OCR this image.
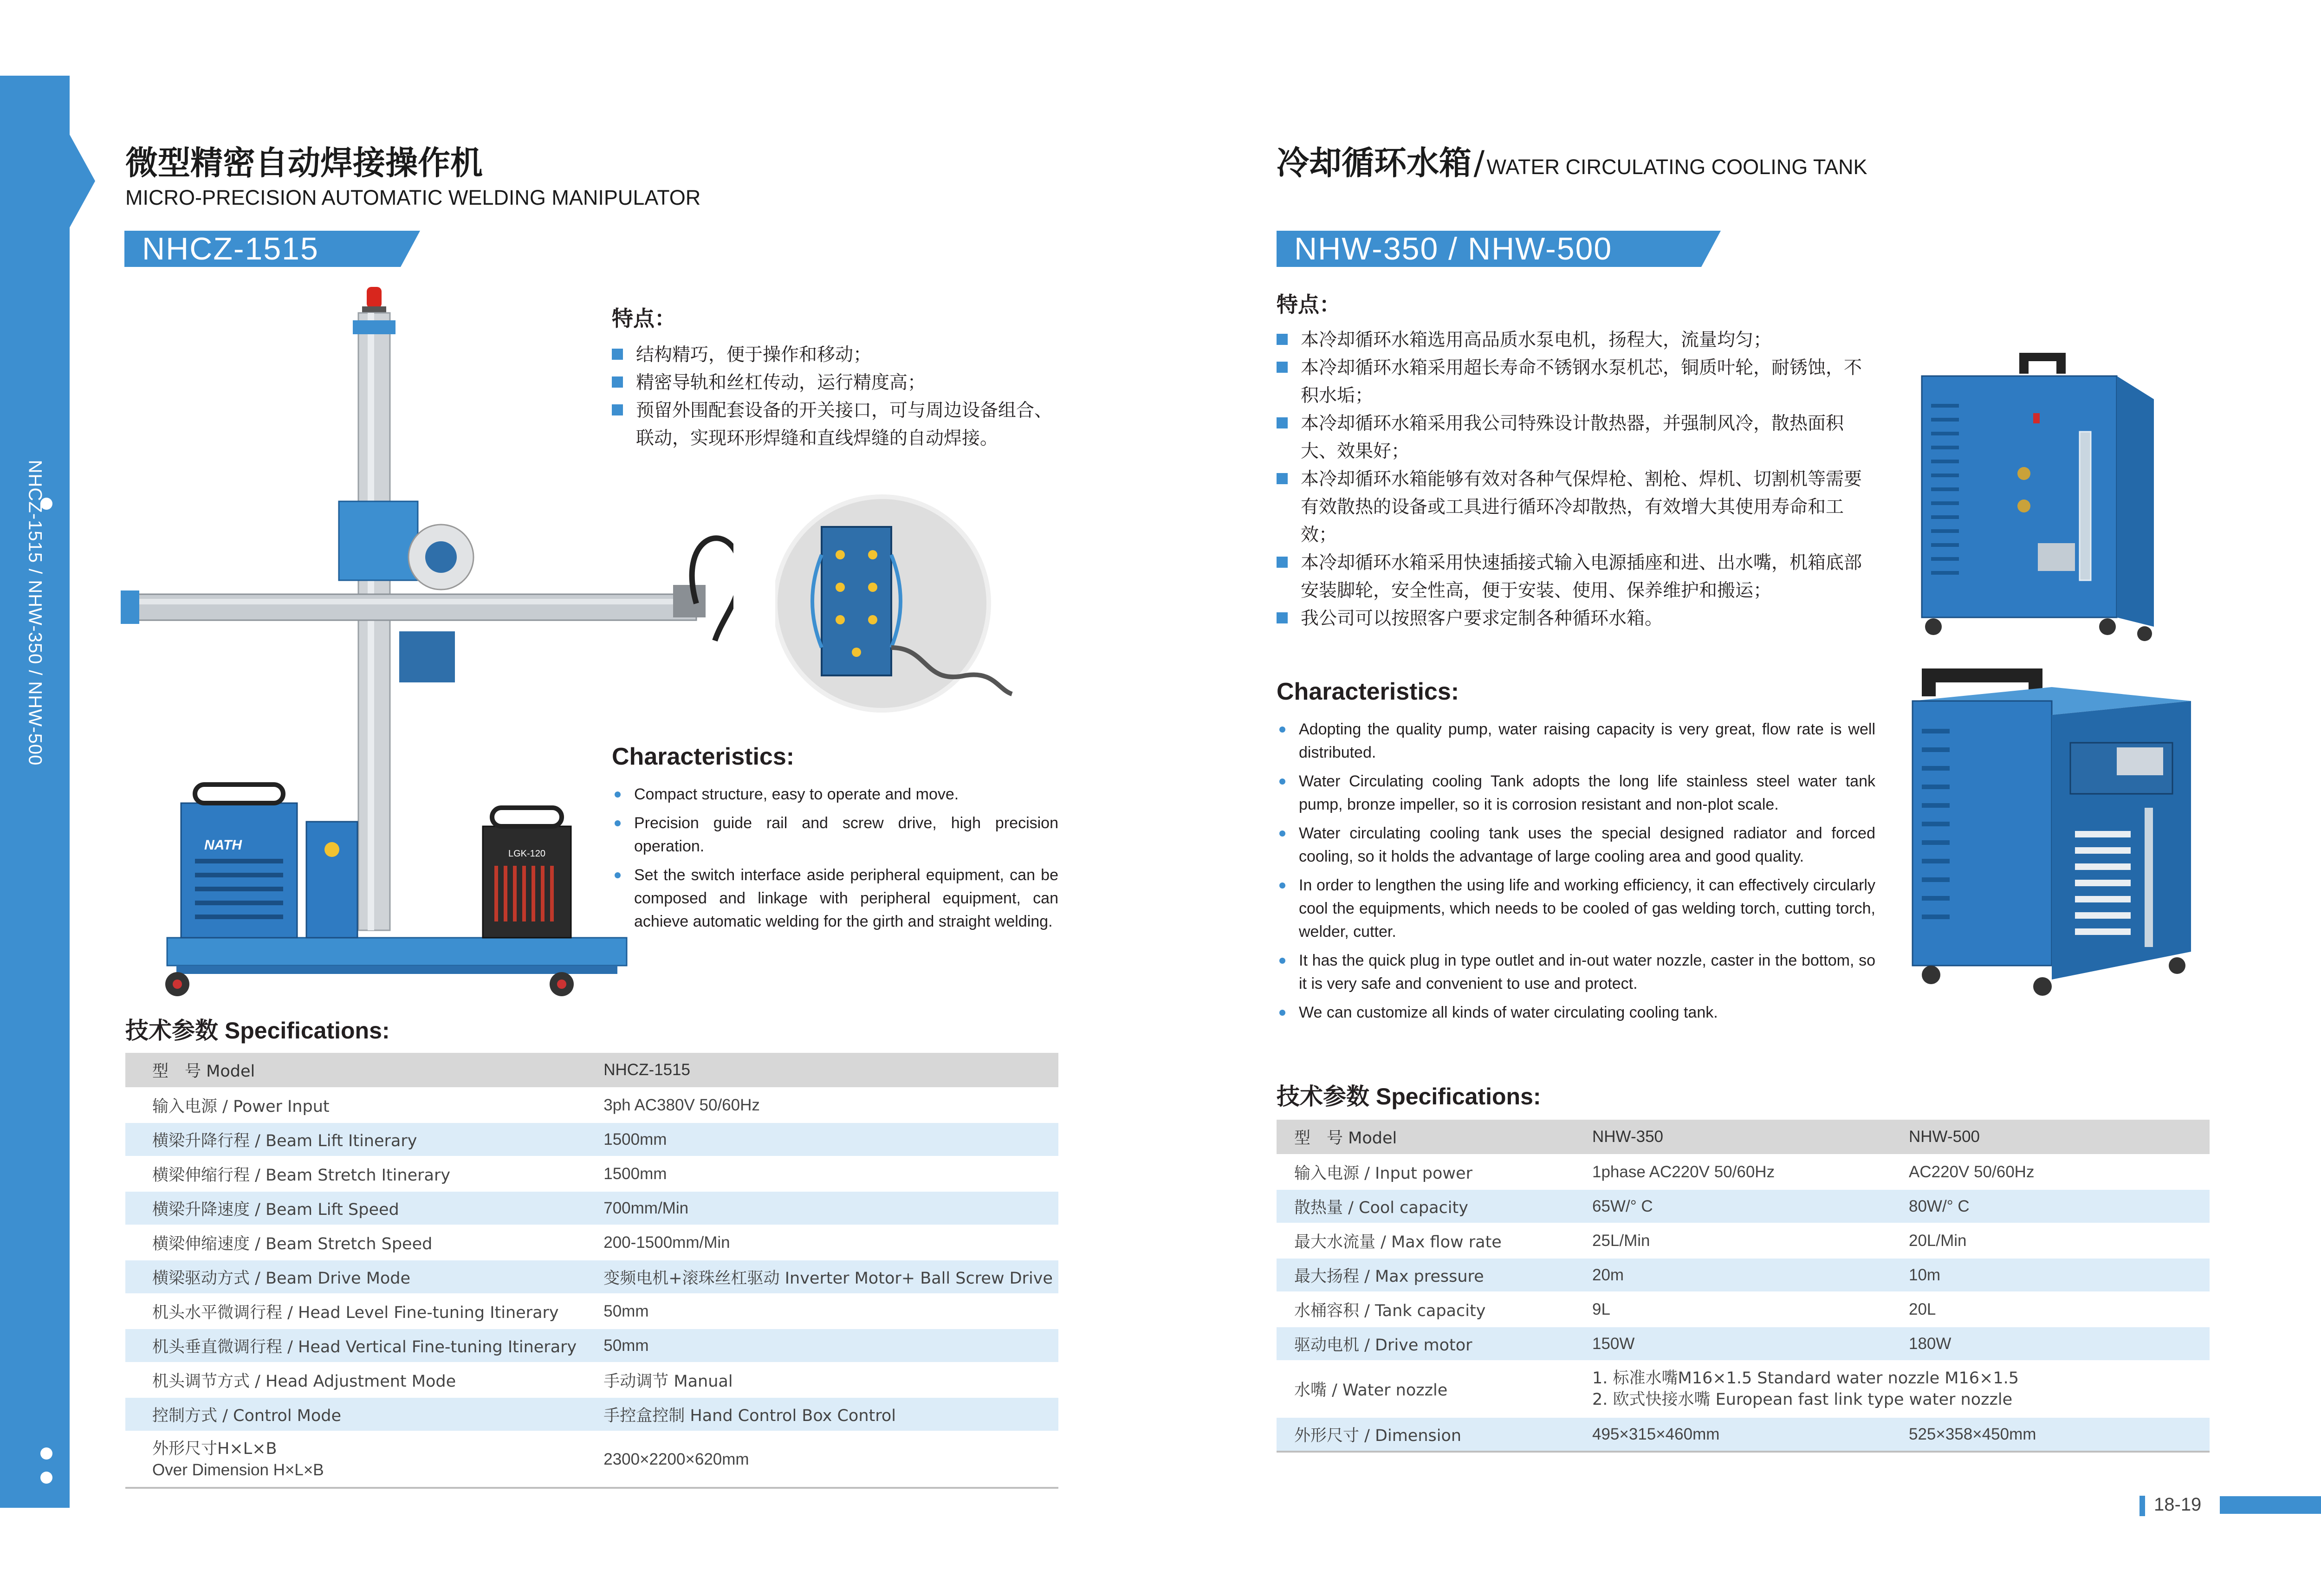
NHCZ-1515 / NHW-350 / NHW-500
微型精密自动焊接操作机
MICRO-PRECISION AUTOMATIC WELDING MANIPULATOR
NHCZ-1515
NATH
LGK-120
特点：
结构精巧，便于操作和移动；
精密导轨和丝杠传动，运行精度高；
预留外围配套设备的开关接口，可与周边设备组合、联动，实现环形焊缝和直线焊缝的自动焊接。
Characteristics:
Compact structure, easy to operate and move.
Precision guide rail and screw drive, high precision operation.
Set the switch interface aside peripheral equipment, can be composed and linkage with peripheral equipment, can achieve automatic welding for the girth and straight welding.
技术参数 Specifications:
型　号 Model	NHCZ-1515
输入电源 / Power Input	3ph AC380V 50/60Hz
横梁升降行程 / Beam Lift Itinerary	1500mm
横梁伸缩行程 / Beam Stretch Itinerary	1500mm
横梁升降速度 / Beam Lift Speed	700mm/Min
横梁伸缩速度 / Beam Stretch Speed	200-1500mm/Min
横梁驱动方式 / Beam Drive Mode	变频电机+滚珠丝杠驱动 Inverter Motor+ Ball Screw Drive
机头水平微调行程 / Head Level Fine-tuning Itinerary	50mm
机头垂直微调行程 / Head Vertical Fine-tuning Itinerary	50mm
机头调节方式 / Head Adjustment Mode	手动调节 Manual
控制方式 / Control Mode	手控盒控制 Hand Control Box Control

外形尺寸H×L×B
Over Dimension H×L×B	2300×2200×620mm
冷却循环水箱 / WATER CIRCULATING COOLING TANK
NHW-350 / NHW-500
特点：
本冷却循环水箱选用高品质水泵电机，扬程大，流量均匀；
本冷却循环水箱采用超长寿命不锈钢水泵机芯，铜质叶轮，耐锈蚀，不积水垢；
本冷却循环水箱采用我公司特殊设计散热器，并强制风冷，散热面积大、效果好；
本冷却循环水箱能够有效对各种气保焊枪、割枪、焊机、切割机等需要有效散热的设备或工具进行循环冷却散热，有效增大其使用寿命和工效；
本冷却循环水箱采用快速插接式输入电源插座和进、出水嘴，机箱底部安装脚轮，安全性高，便于安装、使用、保养维护和搬运；
我公司可以按照客户要求定制各种循环水箱。
Characteristics:
Adopting the quality pump, water raising capacity is very great, flow rate is well distributed.
Water Circulating cooling Tank adopts the long life stainless steel water tank pump, bronze impeller, so it is corrosion resistant and non-plot scale.
Water circulating cooling tank uses the special designed radiator and forced cooling, so it holds the advantage of large cooling area and good quality.
In order to lengthen the using life and working efficiency, it can effectively circularly cool the equipments, which needs to be cooled of gas welding torch, cutting torch, welder, cutter.
It has the quick plug in type outlet and in-out water nozzle, caster in the bottom, so it is very safe and convenient to use and protect.
We can customize all kinds of water circulating cooling tank.
技术参数 Specifications:
型　号 Model	NHW-350	NHW-500
输入电源 / Input power	1phase AC220V 50/60Hz	AC220V 50/60Hz
散热量 / Cool capacity	65W/° C	80W/° C
最大水流量 / Max flow rate	25L/Min	20L/Min
最大扬程 / Max pressure	20m	10m
水桶容积 / Tank capacity	9L	20L
驱动电机 / Drive motor	150W	180W
水嘴 / Water nozzle	1. 标准水嘴M16×1.5 Standard water nozzle M16×1.5
2. 欧式快接水嘴 European fast link type water nozzle	

外形尺寸 / Dimension	495×315×460mm	525×358×450mm
18-19
